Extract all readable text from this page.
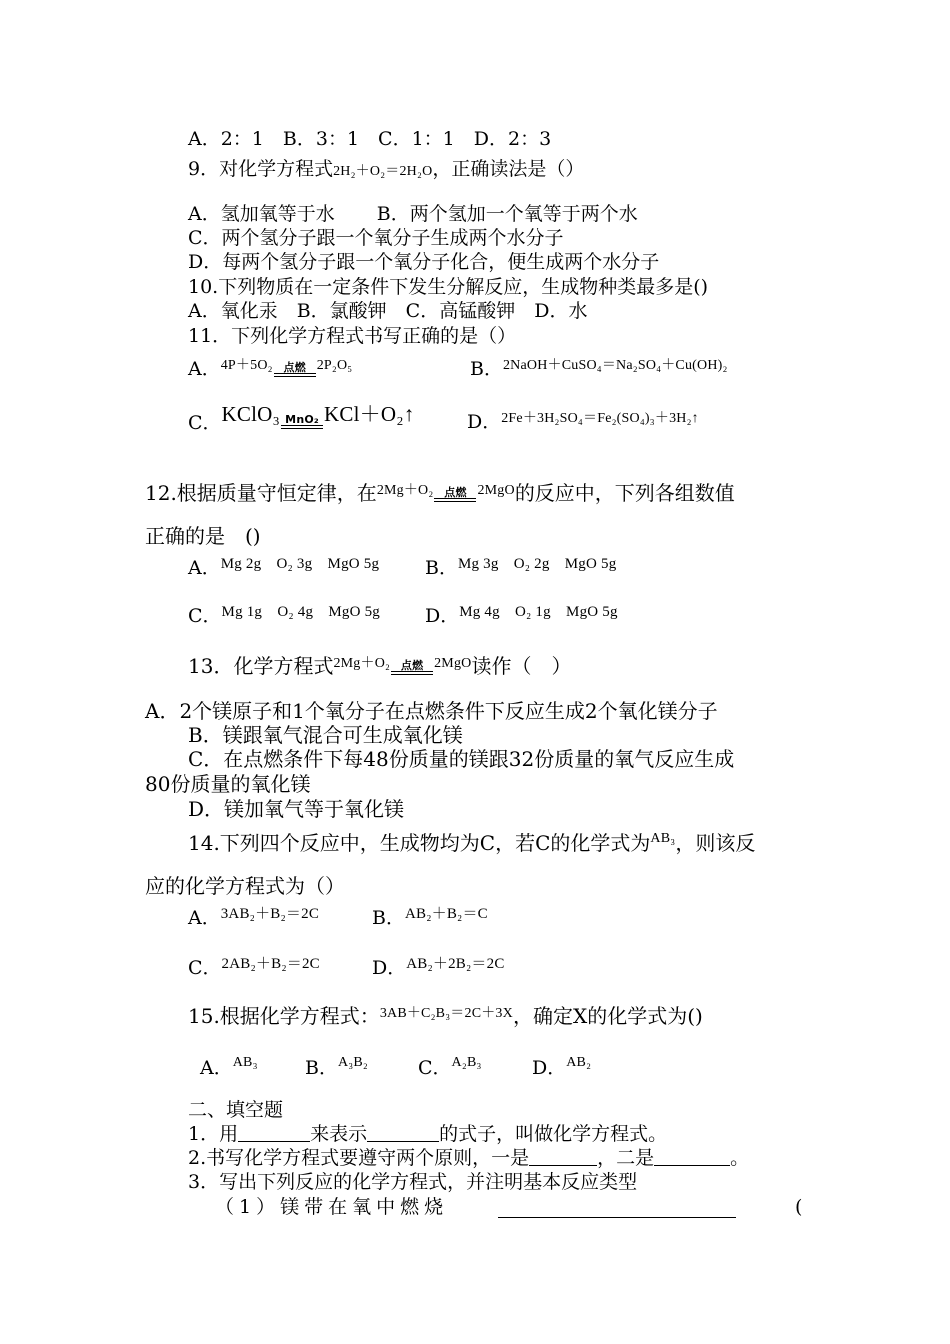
A．2：1　B．3：1　C．1：1　D．2：3
9．对化学方程式2H₂＋O₂＝2H₂O，正确读法是（）
A．氢加氧等于水 B．两个氢加一个氧等于两个水
C．两个氢分子跟一个氧分子生成两个水分子
D．每两个氢分子跟一个氧分子化合，便生成两个水分子
10.下列物质在一定条件下发生分解反应，生成物种类最多是()
A．氧化汞　B．氯酸钾　C．高锰酸钾　D．水
11．下列化学方程式书写正确的是（）
A．$^{4P+5O_2 点燃 2P_2O_5}$	B．$^{2NaOH+CuSO_4=Na_2SO_4+Cu(OH)_2}$
C．KClO₃ MnO₂ KCl＋O₂↑	D．$^{2Fe+3H_2SO_4=Fe_2(SO_4)_3+3H_2↑}$
12.根据质量守恒定律，在$^{2Mg+O_2 点燃 2MgO}$的反应中，下列各组数值
正确的是　()
A．$^{Mg 2g O_2 3g MgO 5g}$ B．$^{Mg 3g O_2 2g MgO 5g}$
C．$^{Mg 1g O_2 4g MgO 5g}$ D．$^{Mg 4g O_2 1g MgO 5g}$
13．化学方程式$^{2Mg+O_2 点燃 2MgO}$读作（　）
A．2个镁原子和1个氧分子在点燃条件下反应生成2个氧化镁分子
B．镁跟氧气混合可生成氧化镁
C．在点燃条件下每48份质量的镁跟32份质量的氧气反应生成
80份质量的氧化镁
D．镁加氧气等于氧化镁
14.下列四个反应中，生成物均为C，若C的化学式为$^{AB_3}$，则该反
应的化学方程式为（）
A．$^{3AB_2+B_2=2C}$	B．$^{AB_2+B_2=C}$
C．$^{2AB_2+B_2=2C}$	D．$^{AB_2+2B_2=2C}$
15.根据化学方程式：$^{3AB+C_2B_3=2C+3X}$，确定X的化学式为()
A．$^{AB_3}$ B．$^{A_3B_2}$	C．$^{A_2B_3}$	D．$^{AB_2}$
二、填空题
1．用	来表示	的式子，叫做化学方程式。
2.书写化学方程式要遵守两个原则，一是	，二是	。
3．写出下列反应的化学方程式，并注明基本反应类型
（1）镁带在氧中燃烧	(
